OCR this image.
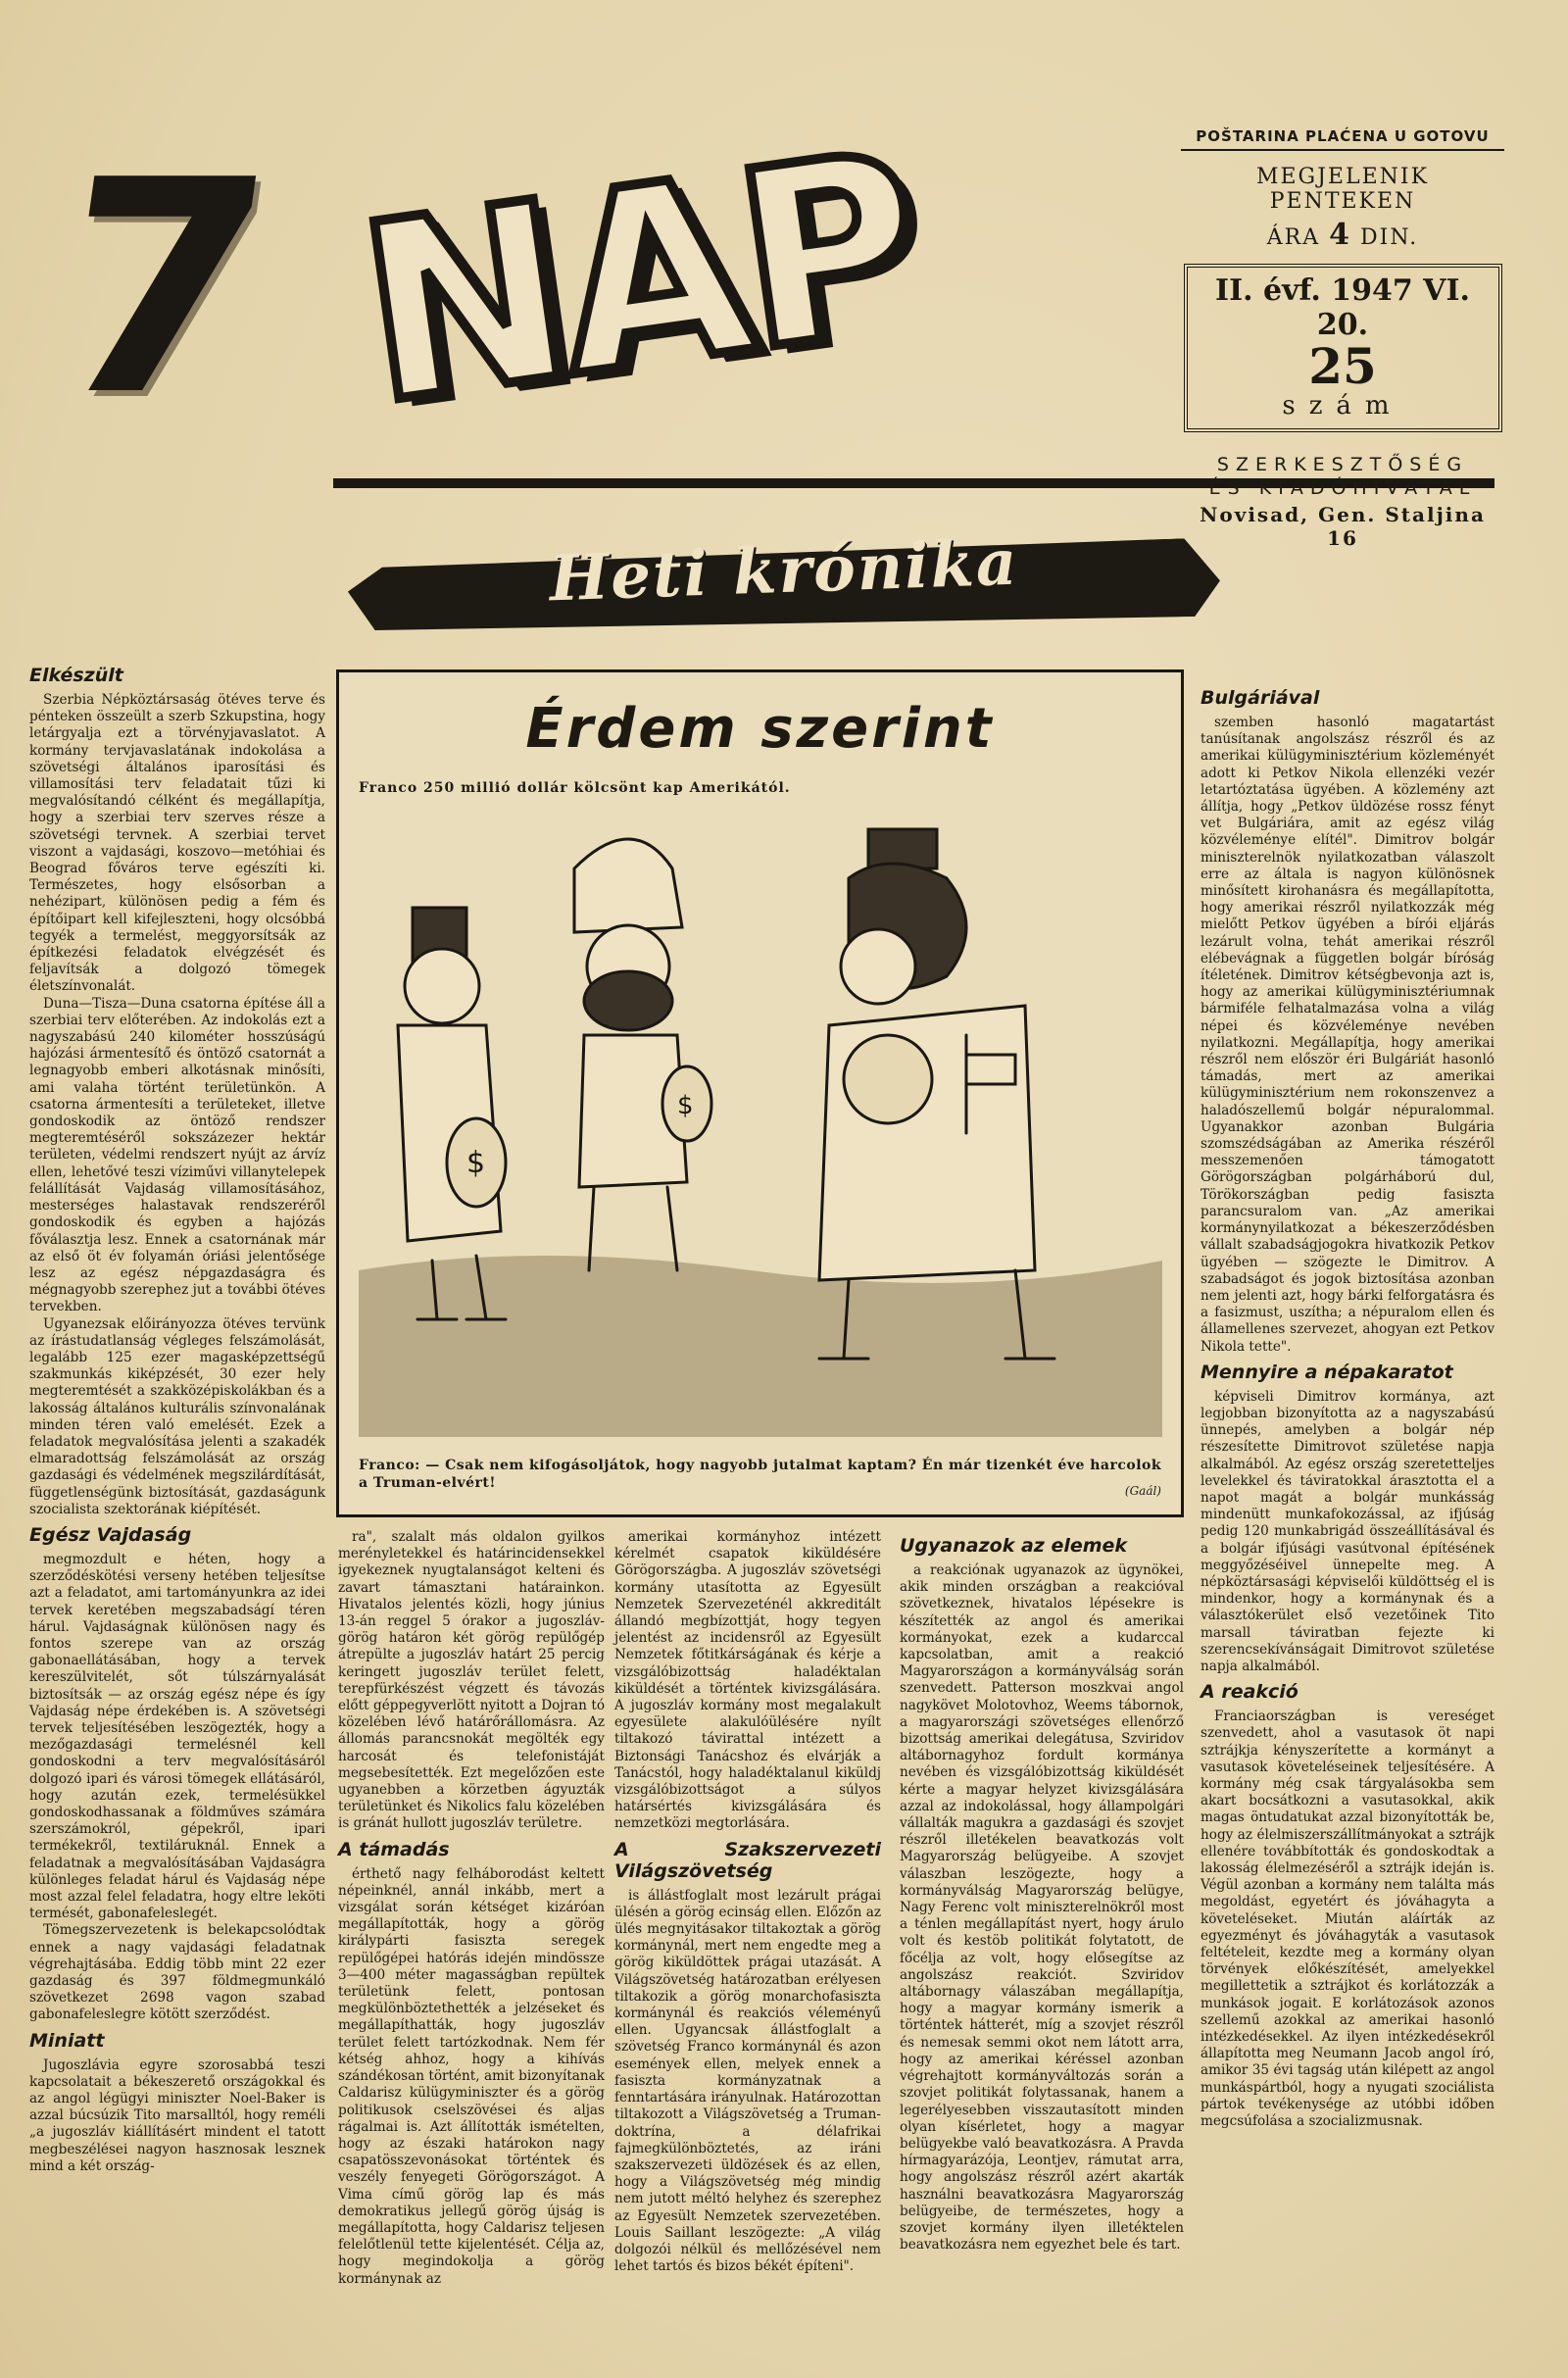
7 NAP	POŠTARINA PLAĆENA U GOTOVU
MEGJELENIK PENTEKEN
ÁRA 4 DIN.
II. évf. 1947 VI. 20.
25
szám
SZERKESZTŐSÉG
ÉS KIADÓHIVATAL
Novisad, Gen. Staljina 16
Heti krónika
Elkészült

Szerbia Népköztársaság ötéves terve és pénteken összeült a szerb Szkupstina, hogy letárgyalja ezt a törvényjavaslatot. A kormány tervjavaslatának indokolása a szövetségi általános iparosítási és villamosítási terv feladatait tűzi ki megvalósítandó célként és megállapítja, hogy a szerbiai terv szerves része a szövetségi tervnek. A szerbiai tervet viszont a vajdasági, koszovo—metóhiai és Beograd főváros terve egészíti ki. Természetes, hogy elsősorban a nehézipart, különösen pedig a fém és építőipart kell kifejleszteni, hogy olcsóbbá tegyék a termelést, meggyorsítsák az építkezési feladatok elvégzését és feljavítsák a dolgozó tömegek életszínvonalát.

Duna—Tisza—Duna csatorna építése áll a szerbiai terv előterében. Az indokolás ezt a nagyszabású 240 kilométer hosszúságú hajózási ármentesítő és öntöző csatornát a legnagyobb emberi alkotásnak minősíti, ami valaha történt területünkön. A csatorna ármentesíti a területeket, illetve gondoskodik az öntöző rendszer megteremtéséről sokszázezer hektár területen, védelmi rendszert nyújt az árvíz ellen, lehetővé teszi víziművi villanytelepek felállítását Vajdaság villamosításához, mesterséges halastavak rendszeréről gondoskodik és egyben a hajózás főválasztja lesz. Ennek a csatornának már az első öt év folyamán óriási jelentősége lesz az egész népgazdaságra és mégnagyobb szerephez jut a további ötéves tervekben.

Ugyanezsak előirányozza ötéves tervünk az írástudatlanság végleges felszámolását, legalább 125 ezer magasképzettségű szakmunkás kiképzését, 30 ezer hely megteremtését a szakközépiskolákban és a lakosság általános kulturális színvonalának minden téren való emelését. Ezek a feladatok megvalósítása jelenti a szakadék elmaradottság felszámolását az ország gazdasági és védelmének megszilárdítását, függetlenségünk biztosítását, gazdaságunk szocialista szektorának kiépítését.

Egész Vajdaság

megmozdult e héten, hogy a szerződéskötési verseny hetében teljesítse azt a feladatot, ami tartományunkra az idei tervek keretében megszabadságí téren hárul. Vajdaságnak különösen nagy és fontos szerepe van az ország gabonaellátásában, hogy a tervek kereszülvitelét, sőt túlszárnyalását biztosítsák — az ország egész népe és így Vajdaság népe érdekében is. A szövetségi tervek teljesítésében leszögezték, hogy a mezőgazdasági termelésnél kell gondoskodni a terv megvalósításáról dolgozó ipari és városi tömegek ellátásáról, hogy azután ezek, termelésükkel gondoskodhassanak a földműves számára szerszámokról, gépekről, ipari termékekről, textiláruknál. Ennek a feladatnak a megvalósításában Vajdaságra különleges feladat hárul és Vajdaság népe most azzal felel feladatra, hogy eltre leköti termését, gabonafeleslegét.

Tömegszervezetenk is belekapcsolódtak ennek a nagy vajdasági feladatnak végrehajtásába. Eddig több mint 22 ezer gazdaság és 397 földmegmunkáló szövetkezet 2698 vagon szabad gabonafeleslegre kötött szerződést.

Miniatt

Jugoszlávia egyre szorosabbá teszi kapcsolatait a békeszerető országokkal és az angol légügyi miniszter Noel-Baker is azzal búcsúzik Tito marsalltól, hogy reméli „a jugoszláv kiállításért mindent el tatott megbeszélései nagyon hasznosak lesznek mind a két ország-

Érdem szerint
Franco 250 millió dollár kölcsönt kap Amerikától.
$
$
Franco: — Csak nem kifogásoljátok, hogy nagyobb jutalmat kaptam? Én már tizenkét éve harcolok a Truman-elvért!	(Gaál)

ra", szalalt más oldalon gyilkos merényletekkel és határincidensekkel igyekeznek nyugtalanságot kelteni és zavart támasztani határainkon. Hivatalos jelentés közli, hogy június 13-án reggel 5 órakor a jugoszláv-görög határon két görög repülőgép átrepülte a jugoszláv határt 25 percig keringett jugoszláv terület felett, terepfürkészést végzett és távozás előtt géppegyverlött nyitott a Dojran tó közelében lévő határőrállomásra. Az állomás parancsnokát megölték egy harcosát és telefonistáját megsebesítették. Ezt megelőzően este ugyanebben a körzetben ágyuzták területünket és Nikolics falu közelében is gránát hullott jugoszláv területre.

A támadás

érthető nagy felháborodást keltett népeinknél, annál inkább, mert a vizsgálat során kétséget kizáróan megállapították, hogy a görög királypárti fasiszta seregek repülőgépei hatórás idején mindössze 3—400 méter magasságban repültek területünk felett, pontosan megkülönböztethették a jelzéseket és megállapíthatták, hogy jugoszláv terület felett tartózkodnak. Nem fér kétség ahhoz, hogy a kihívás szándékosan történt, amit bizonyítanak Caldarisz külügyminiszter és a görög politikusok cselszövései és aljas rágalmai is. Azt állították ismételten, hogy az északi határokon nagy csapatösszevonásokat történtek és veszély fenyegeti Görögországot. A Vima című görög lap és más demokratikus jellegű görög újság is megállapította, hogy Caldarisz teljesen felelőtlenül tette kijelentését. Célja az, hogy megindokolja a görög kormánynak az

amerikai kormányhoz intézett kérelmét csapatok kiküldésére Görögországba. A jugoszláv szövetségi kormány utasította az Egyesült Nemzetek Szervezeténél akkreditált állandó megbízottját, hogy tegyen jelentést az incidensről az Egyesült Nemzetek főtitkárságának és kérje a vizsgálóbizottság haladéktalan kiküldését a történtek kivizsgálására. A jugoszláv kormány most megalakult egyesülete alakulóülésére nyílt tiltakozó távirattal intézett a Biztonsági Tanácshoz és elvárják a Tanácstól, hogy haladéktalanul kiküldj vizsgálóbizottságot a súlyos határsértés kivizsgálására és nemzetközi megtorlására.

A Szakszervezeti Világszövetség

is állástfoglalt most lezárult prágai ülésén a görög ecinság ellen. Előzőn az ülés megnyitásakor tiltakoztak a görög kormánynál, mert nem engedte meg a görög kiküldöttek prágai utazását. A Világszövetség határozatban erélyesen tiltakozik a görög monarchofasiszta kormánynál és reakciós véleményű ellen. Ugyancsak állástfoglalt a szövetség Franco kormánynál és azon események ellen, melyek ennek a fasiszta kormányzatnak a fenntartására irányulnak. Határozottan tiltakozott a Világszövetség a Truman-doktrína, a délafrikai fajmegkülönböztetés, az iráni szakszervezeti üldözések és az ellen, hogy a Világszövetség még mindig nem jutott méltó helyhez és szerephez az Egyesült Nemzetek szervezetében. Louis Saillant leszögezte: „A világ dolgozói nélkül és mellőzésével nem lehet tartós és bizos békét építeni".

Ugyanazok az elemek

a reakciónak ugyanazok az ügynökei, akik minden országban a reakcióval szövetkeznek, hivatalos lépésekre is készítették az angol és amerikai kormányokat, ezek a kudarccal kapcsolatban, amit a reakció Magyarországon a kormányválság során szenvedett. Patterson moszkvai angol nagykövet Molotovhoz, Weems tábornok, a magyarországi szövetséges ellenőrző bizottság amerikai delegátusa, Szviridov altábornagyhoz fordult kormánya nevében és vizsgálóbizottság kiküldését kérte a magyar helyzet kivizsgálására azzal az indokolással, hogy állampolgári vállalták magukra a gazdasági és szovjet részről illetékelen beavatkozás volt Magyarország belügyeibe. A szovjet válaszban leszögezte, hogy a kormányválság Magyarország belügye, Nagy Ferenc volt miniszterelnökről most a ténlen megállapítást nyert, hogy árulo volt és kestöb politikát folytatott, de főcélja az volt, hogy elősegítse az angolszász reakciót. Szviridov altábornagy válaszában megállapítja, hogy a magyar kormány ismerik a történtek hátterét, míg a szovjet részről és nemesak semmi okot nem látott arra, hogy az amerikai kéréssel azonban végrehajtott kormányváltozás során a szovjet politikát folytassanak, hanem a legerélyesebben visszautasított minden olyan kísérletet, hogy a magyar belügyekbe való beavatkozásra. A Pravda hírmagyarázója, Leontjev, rámutat arra, hogy angolszász részről azért akarták használni beavatkozásra Magyarország belügyeibe, de természetes, hogy a szovjet kormány ilyen illetéktelen beavatkozásra nem egyezhet bele és tart.

Bulgáriával

szemben hasonló magatartást tanúsítanak angolszász részről és az amerikai külügyminisztérium közleményét adott ki Petkov Nikola ellenzéki vezér letartóztatása ügyében. A közlemény azt állítja, hogy „Petkov üldözése rossz fényt vet Bulgáriára, amit az egész világ közvéleménye elítél". Dimitrov bolgár miniszterelnök nyilatkozatban válaszolt erre az általa is nagyon különösnek minősített kirohanásra és megállapította, hogy amerikai részről nyilatkozzák még mielőtt Petkov ügyében a bírói eljárás lezárult volna, tehát amerikai részről elébevágnak a független bolgár bíróság ítéletének. Dimitrov kétségbevonja azt is, hogy az amerikai külügyminisztériumnak bármiféle felhatalmazása volna a világ népei és közvéleménye nevében nyilatkozni. Megállapítja, hogy amerikai részről nem először éri Bulgáriát hasonló támadás, mert az amerikai külügyminisztérium nem rokonszenvez a haladószellemű bolgár népuralommal. Ugyanakkor azonban Bulgária szomszédságában az Amerika részéről messzemenően támogatott Görögországban polgárháború dul, Törökországban pedig fasiszta parancsuralom van. „Az amerikai kormánynyilatkozat a békeszerződésben vállalt szabadságjogokra hivatkozik Petkov ügyében — szögezte le Dimitrov. A szabadságot és jogok biztosítása azonban nem jelenti azt, hogy bárki felforgatásra és a fasizmust, uszítha; a népuralom ellen és államellenes szervezet, ahogyan ezt Petkov Nikola tette".

Mennyire a népakaratot

képviseli Dimitrov kormánya, azt legjobban bizonyította az a nagyszabású ünnepés, amelyben a bolgár nép részesítette Dimitrovot születése napja alkalmából. Az egész ország szeretetteljes levelekkel és táviratokkal árasztotta el a napot magát a bolgár munkásság mindenütt munkafokozással, az ifjúság pedig 120 munkabrigád összeállításával és a bolgár ifjúsági vasútvonal építésének meggyőzéséivel ünnepelte meg. A népköztársasági képviselői küldöttség el is mindenkor, hogy a kormánynak és a választókerület első vezetőinek Tito marsall táviratban fejezte ki szerencsekívánságait Dimitrovot születése napja alkalmából.

A reakció

Franciaországban is vereséget szenvedett, ahol a vasutasok öt napi sztrájkja kényszerítette a kormányt a vasutasok követeléseinek teljesítésére. A kormány még csak tárgyalásokba sem akart bocsátkozni a vasutasokkal, akik magas öntudatukat azzal bizonyították be, hogy az élelmiszerszállítmányokat a sztrájk ellenére továbbították és gondoskodtak a lakosság élelmezéséről a sztrájk ideján is. Végül azonban a kormány nem találta más megoldást, egyetért és jóváhagyta a követeléseket. Miután aláírták az egyezményt és jóváhagyták a vasutasok feltételeit, kezdte meg a kormány olyan törvények előkészítését, amelyekkel megillettetik a sztrájkot és korlátozzák a munkások jogait. E korlátozások azonos szellemű azokkal az amerikai hasonló intézkedésekkel. Az ilyen intézkedésekről állapította meg Neumann Jacob angol író, amikor 35 évi tagság után kilépett az angol munkáspártból, hogy a nyugati szociálista pártok tevékenysége az utóbbi időben megcsúfolása a szocializmusnak.
